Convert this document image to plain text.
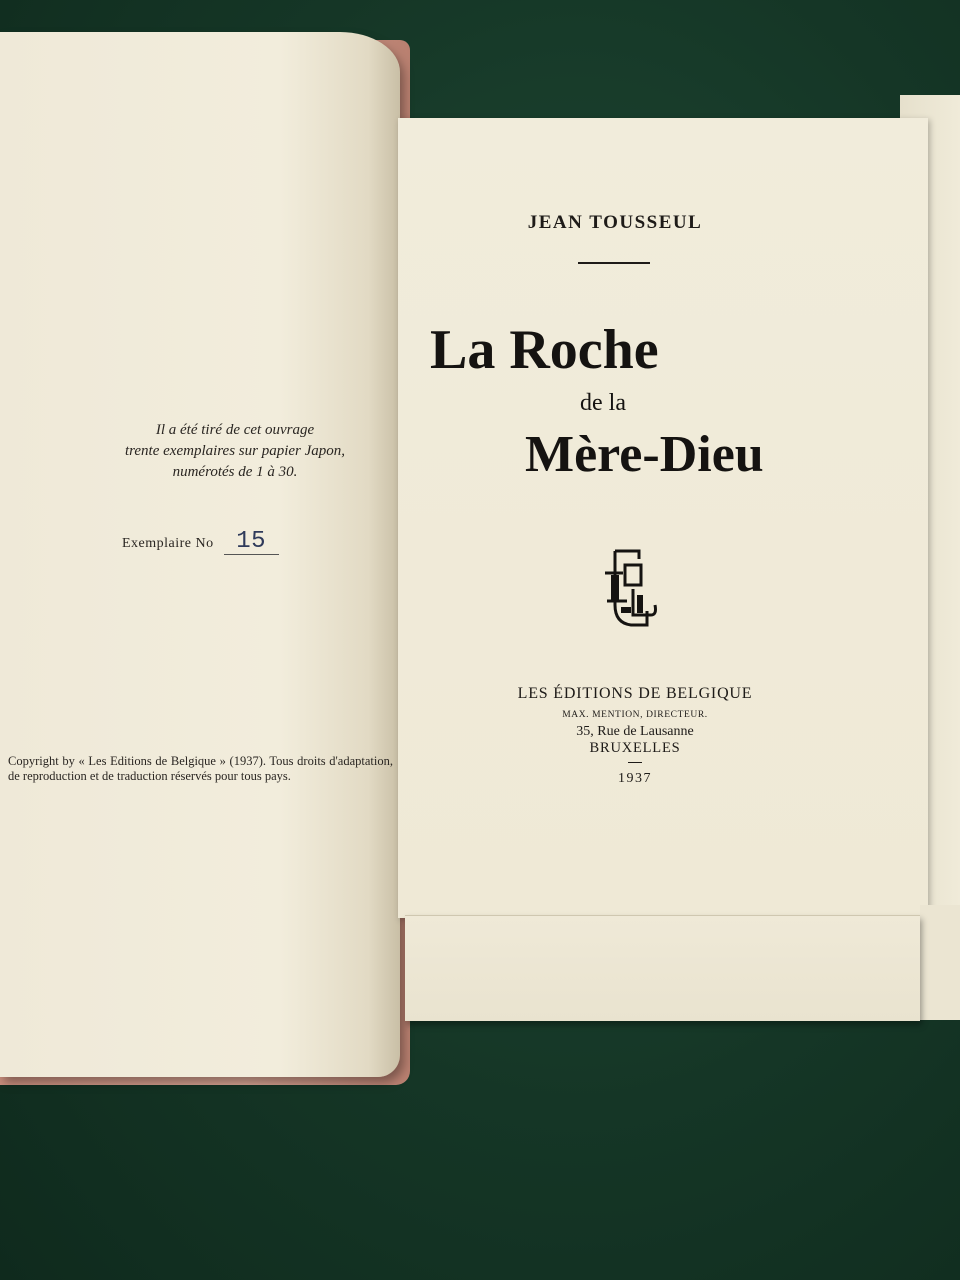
Il a été tiré de cet ouvrage
trente exemplaires sur papier Japon,
numérotés de 1 à 30.
Exemplaire No 15
Copyright by « Les Editions de Belgique » (1937). Tous droits d'adaptation, de reproduction et de traduction réservés pour tous pays.
JEAN TOUSSEUL
La Roche
de la
Mère-Dieu
LES ÉDITIONS DE BELGIQUE
MAX. MENTION, DIRECTEUR.
35, Rue de Lausanne
BRUXELLES
1937
